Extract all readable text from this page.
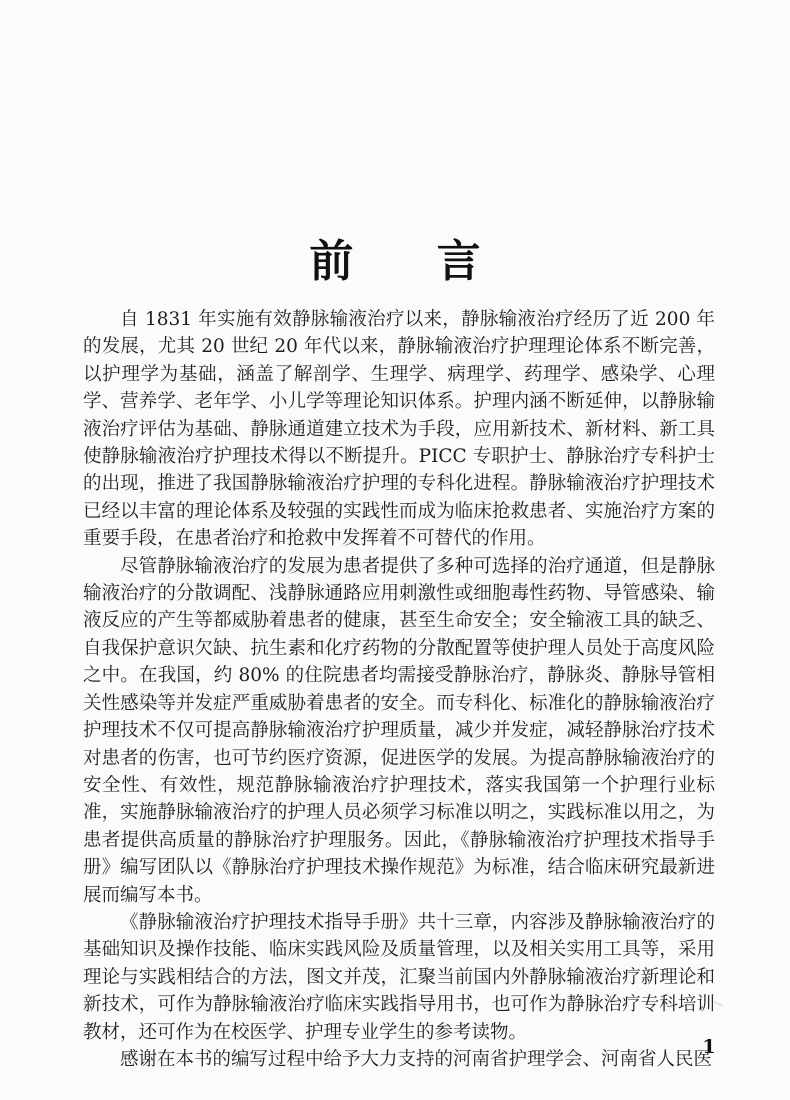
前 言

自 1831 年实施有效静脉输液治疗以来，静脉输液治疗经历了近 200 年的发展，尤其 20 世纪 20 年代以来，静脉输液治疗护理理论体系不断完善，以护理学为基础，涵盖了解剖学、生理学、病理学、药理学、感染学、心理学、营养学、老年学、小儿学等理论知识体系。护理内涵不断延伸，以静脉输液治疗评估为基础、静脉通道建立技术为手段，应用新技术、新材料、新工具使静脉输液治疗护理技术得以不断提升。PICC 专职护士、静脉治疗专科护士的出现，推进了我国静脉输液治疗护理的专科化进程。静脉输液治疗护理技术已经以丰富的理论体系及较强的实践性而成为临床抢救患者、实施治疗方案的重要手段，在患者治疗和抢救中发挥着不可替代的作用。

尽管静脉输液治疗的发展为患者提供了多种可选择的治疗通道，但是静脉输液治疗的分散调配、浅静脉通路应用刺激性或细胞毒性药物、导管感染、输液反应的产生等都威胁着患者的健康，甚至生命安全；安全输液工具的缺乏、自我保护意识欠缺、抗生素和化疗药物的分散配置等使护理人员处于高度风险之中。在我国，约 80% 的住院患者均需接受静脉治疗，静脉炎、静脉导管相关性感染等并发症严重威胁着患者的安全。而专科化、标准化的静脉输液治疗护理技术不仅可提高静脉输液治疗护理质量，减少并发症，减轻静脉治疗技术对患者的伤害，也可节约医疗资源，促进医学的发展。为提高静脉输液治疗的安全性、有效性，规范静脉输液治疗护理技术，落实我国第一个护理行业标准，实施静脉输液治疗的护理人员必须学习标准以明之，实践标准以用之，为患者提供高质量的静脉治疗护理服务。因此，《静脉输液治疗护理技术指导手册》编写团队以《静脉治疗护理技术操作规范》为标准，结合临床研究最新进展而编写本书。

《静脉输液治疗护理技术指导手册》共十三章，内容涉及静脉输液治疗的基础知识及操作技能、临床实践风险及质量管理，以及相关实用工具等，采用理论与实践相结合的方法，图文并茂，汇聚当前国内外静脉输液治疗新理论和新技术，可作为静脉输液治疗临床实践指导用书，也可作为静脉治疗专科培训教材，还可作为在校医学、护理专业学生的参考读物。

感谢在本书的编写过程中给予大力支持的河南省护理学会、河南省人民医

1
